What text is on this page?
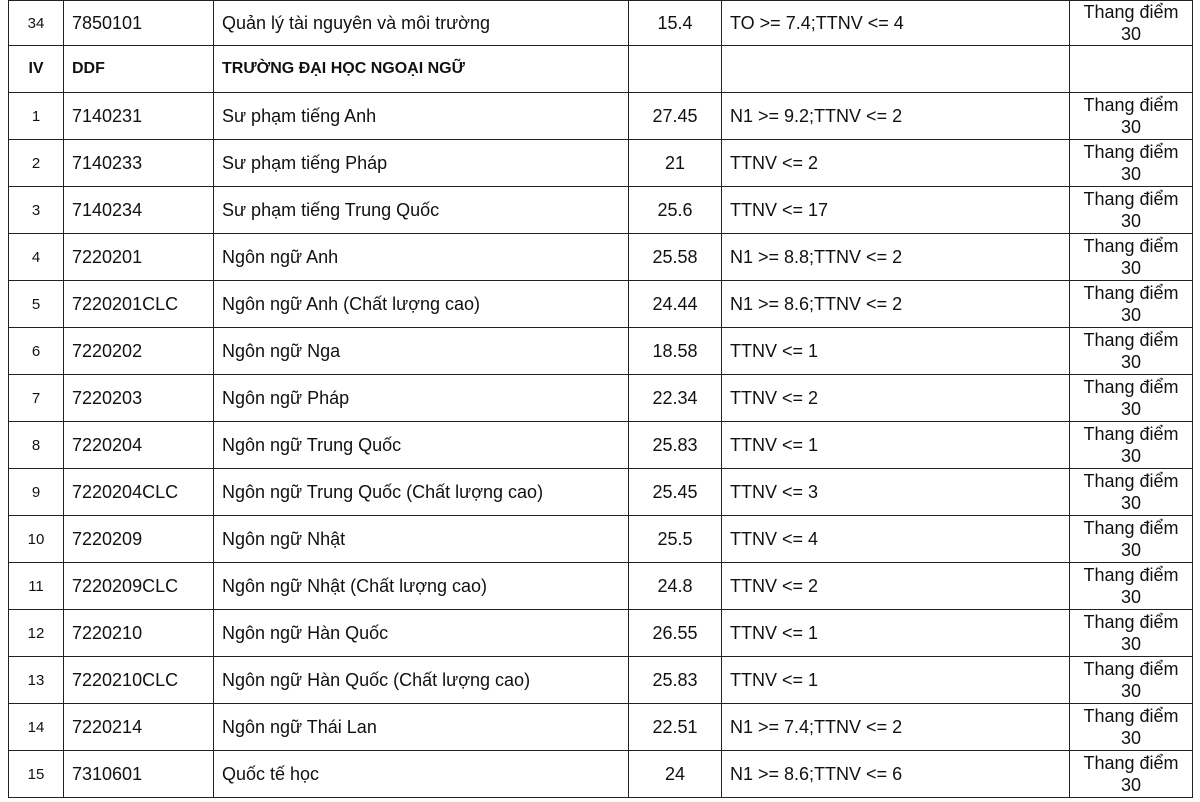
34	7850101	Quản lý tài nguyên và môi trường	15.4	TO >= 7.4;TTNV <= 4	Thang điểm 30
IV	DDF	TRƯỜNG ĐẠI HỌC NGOẠI NGỮ			
1	7140231	Sư phạm tiếng Anh	27.45	N1 >= 9.2;TTNV <= 2	Thang điểm 30
2	7140233	Sư phạm tiếng Pháp	21	TTNV <= 2	Thang điểm 30
3	7140234	Sư phạm tiếng Trung Quốc	25.6	TTNV <= 17	Thang điểm 30
4	7220201	Ngôn ngữ Anh	25.58	N1 >= 8.8;TTNV <= 2	Thang điểm 30
5	7220201CLC	Ngôn ngữ Anh (Chất lượng cao)	24.44	N1 >= 8.6;TTNV <= 2	Thang điểm 30
6	7220202	Ngôn ngữ Nga	18.58	TTNV <= 1	Thang điểm 30
7	7220203	Ngôn ngữ Pháp	22.34	TTNV <= 2	Thang điểm 30
8	7220204	Ngôn ngữ Trung Quốc	25.83	TTNV <= 1	Thang điểm 30
9	7220204CLC	Ngôn ngữ Trung Quốc (Chất lượng cao)	25.45	TTNV <= 3	Thang điểm 30
10	7220209	Ngôn ngữ Nhật	25.5	TTNV <= 4	Thang điểm 30
11	7220209CLC	Ngôn ngữ Nhật (Chất lượng cao)	24.8	TTNV <= 2	Thang điểm 30
12	7220210	Ngôn ngữ Hàn Quốc	26.55	TTNV <= 1	Thang điểm 30
13	7220210CLC	Ngôn ngữ Hàn Quốc (Chất lượng cao)	25.83	TTNV <= 1	Thang điểm 30
14	7220214	Ngôn ngữ Thái Lan	22.51	N1 >= 7.4;TTNV <= 2	Thang điểm 30
15	7310601	Quốc tế học	24	N1 >= 8.6;TTNV <= 6	Thang điểm 30
